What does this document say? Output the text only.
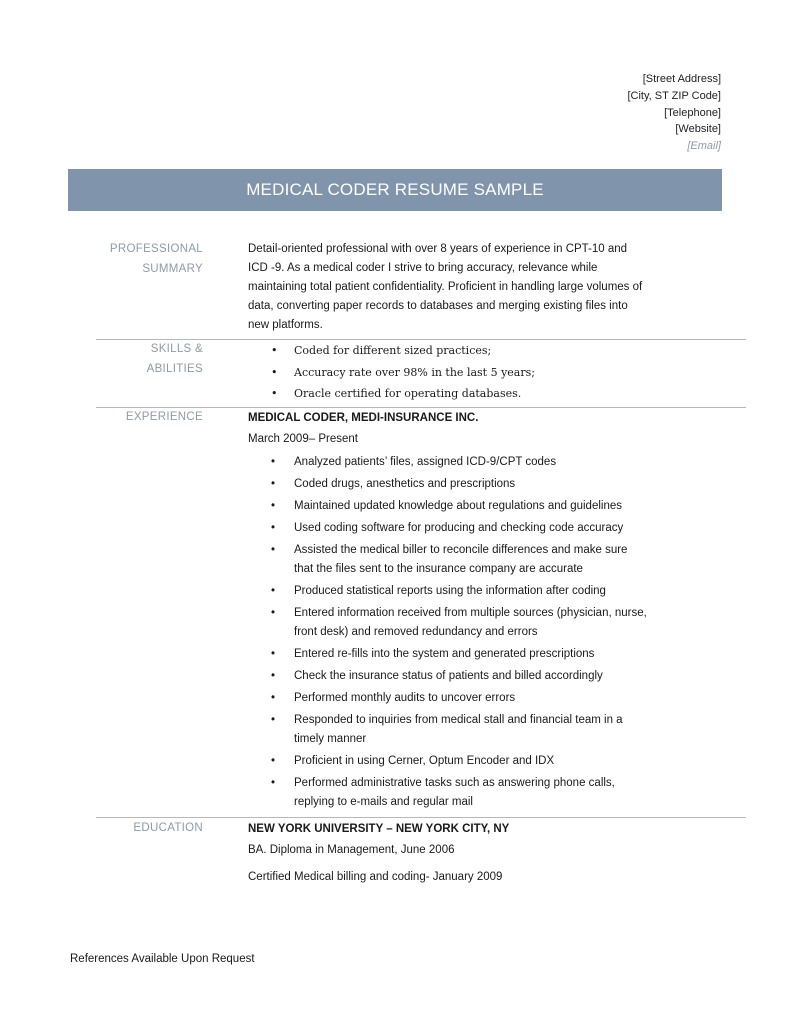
[Street Address]
[City, ST ZIP Code]
[Telephone]
[Website]
[Email]
MEDICAL CODER RESUME SAMPLE
PROFESSIONAL
SUMMARY
Detail-oriented professional with over 8 years of experience in CPT-10 and ICD -9. As a medical coder I strive to bring accuracy, relevance while maintaining total patient confidentiality. Proficient in handling large volumes of data, converting paper records to databases and merging existing files into new platforms.
SKILLS & ABILITIES
• Coded for different sized practices;
• Accuracy rate over 98% in the last 5 years;
• Oracle certified for operating databases.
EXPERIENCE	MEDICAL CODER, MEDI-INSURANCE INC.
March 2009– Present
• Analyzed patients’ files, assigned ICD-9/CPT codes
• Coded drugs, anesthetics and prescriptions
• Maintained updated knowledge about regulations and guidelines
• Used coding software for producing and checking code accuracy
• Assisted the medical biller to reconcile differences and make sure that the files sent to the insurance company are accurate
• Produced statistical reports using the information after coding
• Entered information received from multiple sources (physician, nurse, front desk) and removed redundancy and errors
• Entered re-fills into the system and generated prescriptions
• Check the insurance status of patients and billed accordingly
• Performed monthly audits to uncover errors
• Responded to inquiries from medical stall and financial team in a timely manner
• Proficient in using Cerner, Optum Encoder and IDX
• Performed administrative tasks such as answering phone calls, replying to e-mails and regular mail
EDUCATION	NEW YORK UNIVERSITY – NEW YORK CITY, NY
BA. Diploma in Management, June 2006
Certified Medical billing and coding- January 2009
References Available Upon Request
